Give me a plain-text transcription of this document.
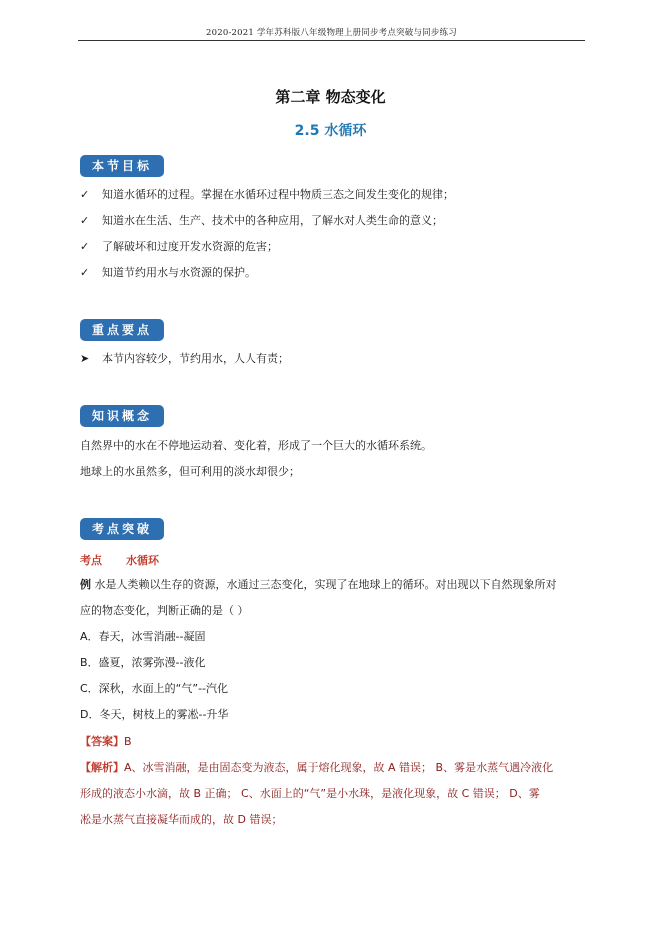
2020-2021 学年苏科版八年级物理上册同步考点突破与同步练习
第二章 物态变化
2.5 水循环
本节目标
✓ 知道水循环的过程。掌握在水循环过程中物质三态之间发生变化的规律；
✓ 知道水在生活、生产、技术中的各种应用，了解水对人类生命的意义；
✓ 了解破坏和过度开发水资源的危害；
✓ 知道节约用水与水资源的保护。
重点要点
➤ 本节内容较少，节约用水，人人有责；
知识概念
自然界中的水在不停地运动着、变化着，形成了一个巨大的水循环系统。
地球上的水虽然多，但可利用的淡水却很少；
考点突破
考点 水循环
例 水是人类赖以生存的资源，水通过三态变化，实现了在地球上的循环。对出现以下自然现象所对
应的物态变化，判断正确的是（ ）
A．春天，冰雪消融--凝固
B．盛夏，浓雾弥漫--液化
C．深秋，水面上的“气”--汽化
D．冬天，树枝上的雾凇--升华
【答案】B
【解析】A、冰雪消融，是由固态变为液态，属于熔化现象，故 A 错误； B、雾是水蒸气遇冷液化
形成的液态小水滴，故 B 正确； C、水面上的“气”是小水珠，是液化现象，故 C 错误； D、雾
凇是水蒸气直接凝华而成的，故 D 错误；
